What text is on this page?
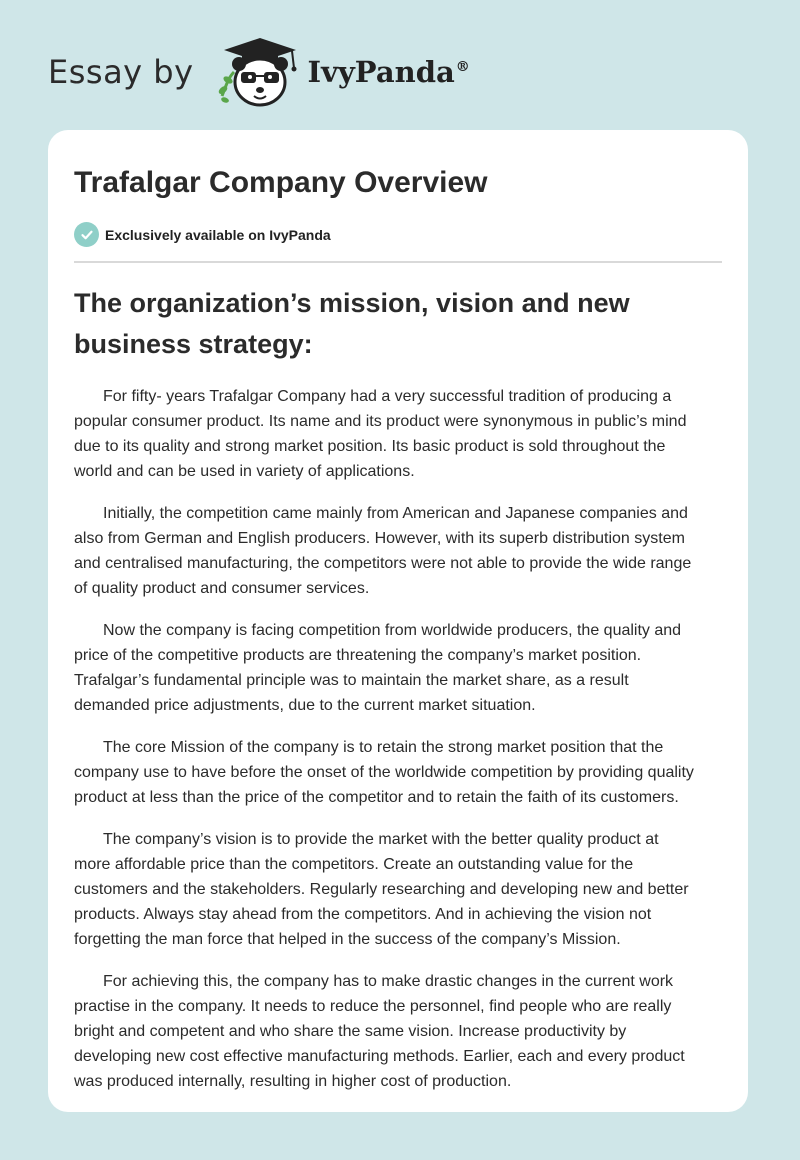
Essay by	IvyPanda®
Trafalgar Company Overview
Exclusively available on IvyPanda
The organization’s mission, vision and new
business strategy:

For fifty- years Trafalgar Company had a very successful tradition of producing a
popular consumer product. Its name and its product were synonymous in public’s mind
due to its quality and strong market position. Its basic product is sold throughout the
world and can be used in variety of applications.

Initially, the competition came mainly from American and Japanese companies and
also from German and English producers. However, with its superb distribution system
and centralised manufacturing, the competitors were not able to provide the wide range
of quality product and consumer services.

Now the company is facing competition from worldwide producers, the quality and
price of the competitive products are threatening the company’s market position.
Trafalgar’s fundamental principle was to maintain the market share, as a result
demanded price adjustments, due to the current market situation.

The core Mission of the company is to retain the strong market position that the
company use to have before the onset of the worldwide competition by providing quality
product at less than the price of the competitor and to retain the faith of its customers.

The company’s vision is to provide the market with the better quality product at
more affordable price than the competitors. Create an outstanding value for the
customers and the stakeholders. Regularly researching and developing new and better
products. Always stay ahead from the competitors. And in achieving the vision not
forgetting the man force that helped in the success of the company’s Mission.

For achieving this, the company has to make drastic changes in the current work
practise in the company. It needs to reduce the personnel, find people who are really
bright and competent and who share the same vision. Increase productivity by
developing new cost effective manufacturing methods. Earlier, each and every product
was produced internally, resulting in higher cost of production.
